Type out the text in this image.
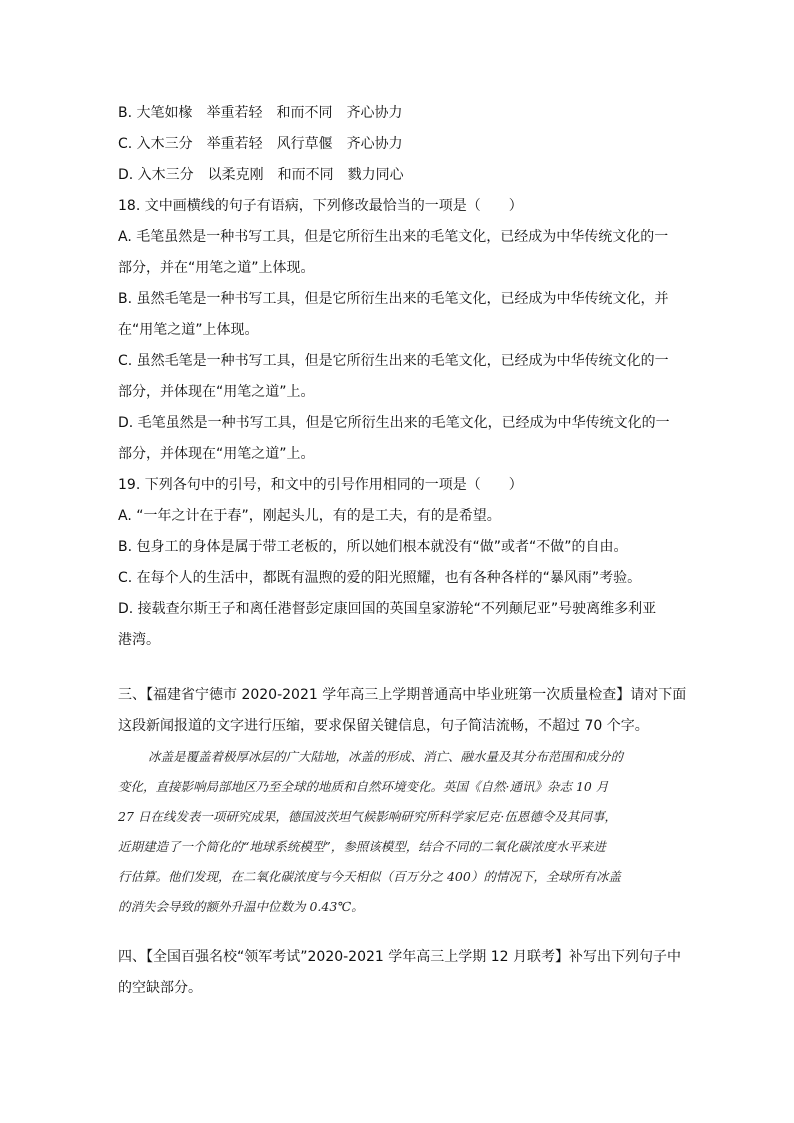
B. 大笔如椽　举重若轻　和而不同　齐心协力
C. 入木三分　举重若轻　风行草偃　齐心协力
D. 入木三分　以柔克刚　和而不同　戮力同心
18. 文中画横线的句子有语病，下列修改最恰当的一项是（　　）
A. 毛笔虽然是一种书写工具，但是它所衍生出来的毛笔文化，已经成为中华传统文化的一
部分，并在“用笔之道”上体现。
B. 虽然毛笔是一种书写工具，但是它所衍生出来的毛笔文化，已经成为中华传统文化，并
在“用笔之道”上体现。
C. 虽然毛笔是一种书写工具，但是它所衍生出来的毛笔文化，已经成为中华传统文化的一
部分，并体现在“用笔之道”上。
D. 毛笔虽然是一种书写工具，但是它所衍生出来的毛笔文化，已经成为中华传统文化的一
部分，并体现在“用笔之道”上。
19. 下列各句中的引号，和文中的引号作用相同的一项是（　　）
A. “一年之计在于春”，刚起头儿，有的是工夫，有的是希望。
B. 包身工的身体是属于带工老板的，所以她们根本就没有“做”或者“不做”的自由。
C. 在每个人的生活中，都既有温煦的爱的阳光照耀，也有各种各样的“暴风雨”考验。
D. 接载查尔斯王子和离任港督彭定康回国的英国皇家游轮“不列颠尼亚”号驶离维多利亚
港湾。
三、【福建省宁德市 2020-2021 学年高三上学期普通高中毕业班第一次质量检查】请对下面
这段新闻报道的文字进行压缩，要求保留关键信息，句子简洁流畅，不超过 70 个字。
冰盖是覆盖着极厚冰层的广大陆地，冰盖的形成、消亡、融水量及其分布范围和成分的
变化，直接影响局部地区乃至全球的地质和自然环境变化。英国《自然·通讯》杂志 10 月
27 日在线发表一项研究成果，德国波茨坦气候影响研究所科学家尼克·伍恩德令及其同事，
近期建造了一个简化的“地球系统模型”，参照该模型，结合不同的二氧化碳浓度水平来进
行估算。他们发现，在二氧化碳浓度与今天相似（百万分之 400）的情况下，全球所有冰盖
的消失会导致的额外升温中位数为 0.43℃。
四、【全国百强名校“领军考试”2020-2021 学年高三上学期 12 月联考】补写出下列句子中
的空缺部分。
